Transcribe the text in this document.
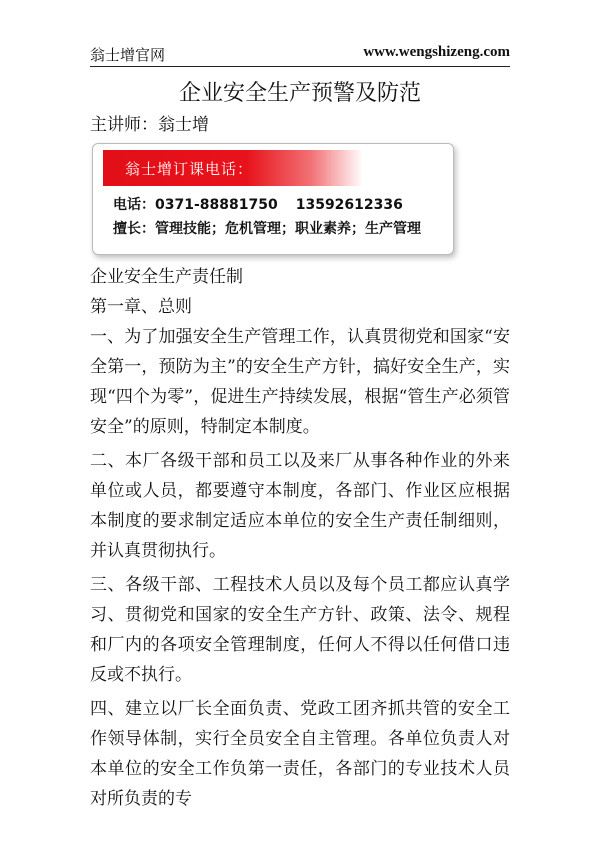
翁士增官网	www.wengshizeng.com
企业安全生产预警及防范
主讲师：翁士增
翁士增订课电话：
电话：0371-88881750 13592612336
擅长：管理技能；危机管理；职业素养；生产管理

企业安全生产责任制

第一章、总则

一、为了加强安全生产管理工作，认真贯彻党和国家“安全第一，预防为主”的安全生产方针，搞好安全生产，实现“四个为零”，促进生产持续发展，根据“管生产必须管安全”的原则，特制定本制度。

二、本厂各级干部和员工以及来厂从事各种作业的外来单位或人员，都要遵守本制度，各部门、作业区应根据本制度的要求制定适应本单位的安全生产责任制细则，并认真贯彻执行。

三、各级干部、工程技术人员以及每个员工都应认真学习、贯彻党和国家的安全生产方针、政策、法令、规程和厂内的各项安全管理制度，任何人不得以任何借口违反或不执行。

四、建立以厂长全面负责、党政工团齐抓共管的安全工作领导体制，实行全员安全自主管理。各单位负责人对本单位的安全工作负第一责任，各部门的专业技术人员对所负责的专
